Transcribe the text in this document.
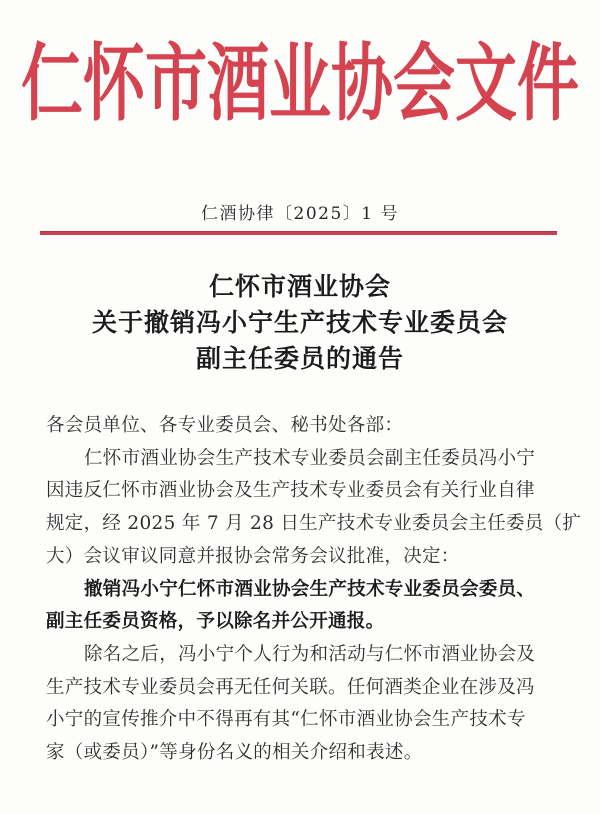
仁怀市酒业协会文件
仁酒协律〔2025〕1 号
仁怀市酒业协会
关于撤销冯小宁生产技术专业委员会
副主任委员的通告
各会员单位、各专业委员会、秘书处各部：
仁怀市酒业协会生产技术专业委员会副主任委员冯小宁
因违反仁怀市酒业协会及生产技术专业委员会有关行业自律
规定，经 2025 年 7 月 28 日生产技术专业委员会主任委员（扩
大）会议审议同意并报协会常务会议批准，决定：
撤销冯小宁仁怀市酒业协会生产技术专业委员会委员、
副主任委员资格，予以除名并公开通报。
除名之后，冯小宁个人行为和活动与仁怀市酒业协会及
生产技术专业委员会再无任何关联。任何酒类企业在涉及冯
小宁的宣传推介中不得再有其“仁怀市酒业协会生产技术专
家（或委员）”等身份名义的相关介绍和表述。
